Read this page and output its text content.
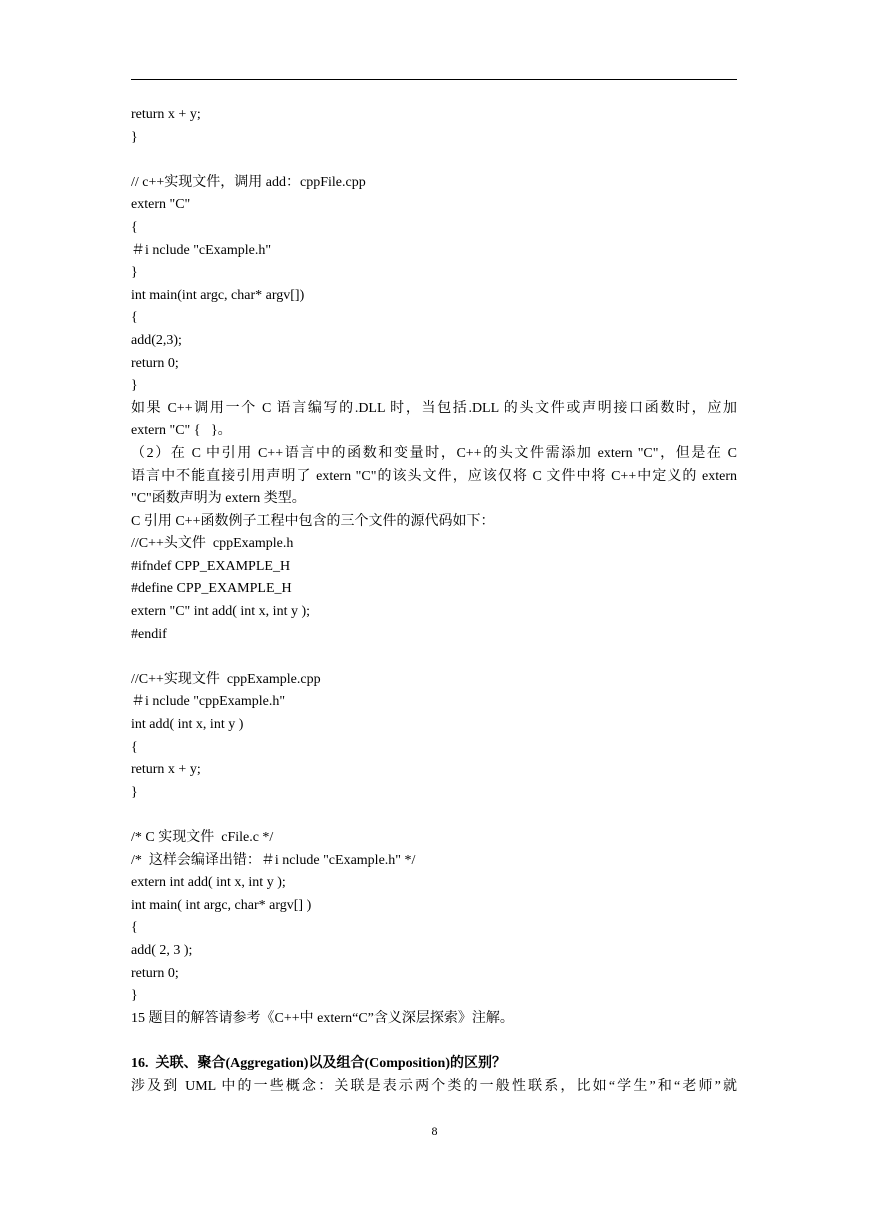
return x + y;
}
// c++实现文件，调用 add：cppFile.cpp
extern "C"
{
＃i nclude "cExample.h"
}
int main(int argc, char* argv[])
{
add(2,3);
return 0;
}
如果 C++调用一个 C 语言编写的.DLL 时，当包括.DLL 的头文件或声明接口函数时，应加
extern "C" {   }。
（2）在 C 中引用 C++语言中的函数和变量时，C++的头文件需添加 extern "C"，但是在 C
语言中不能直接引用声明了 extern "C"的该头文件，应该仅将 C 文件中将 C++中定义的 extern
"C"函数声明为 extern 类型。
C 引用 C++函数例子工程中包含的三个文件的源代码如下：
//C++头文件  cppExample.h
#ifndef CPP_EXAMPLE_H
#define CPP_EXAMPLE_H
extern "C" int add( int x, int y );
#endif
//C++实现文件  cppExample.cpp
＃i nclude "cppExample.h"
int add( int x, int y )
{
return x + y;
}
/* C 实现文件  cFile.c */
/*  这样会编译出错：＃i nclude "cExample.h" */
extern int add( int x, int y );
int main( int argc, char* argv[] )
{
add( 2, 3 );
return 0;
}
15 题目的解答请参考《C++中 extern“C”含义深层探索》注解。
16.  关联、聚合(Aggregation)以及组合(Composition)的区别？
涉及到 UML 中的一些概念：关联是表示两个类的一般性联系，比如“学生”和“老师”就
8
